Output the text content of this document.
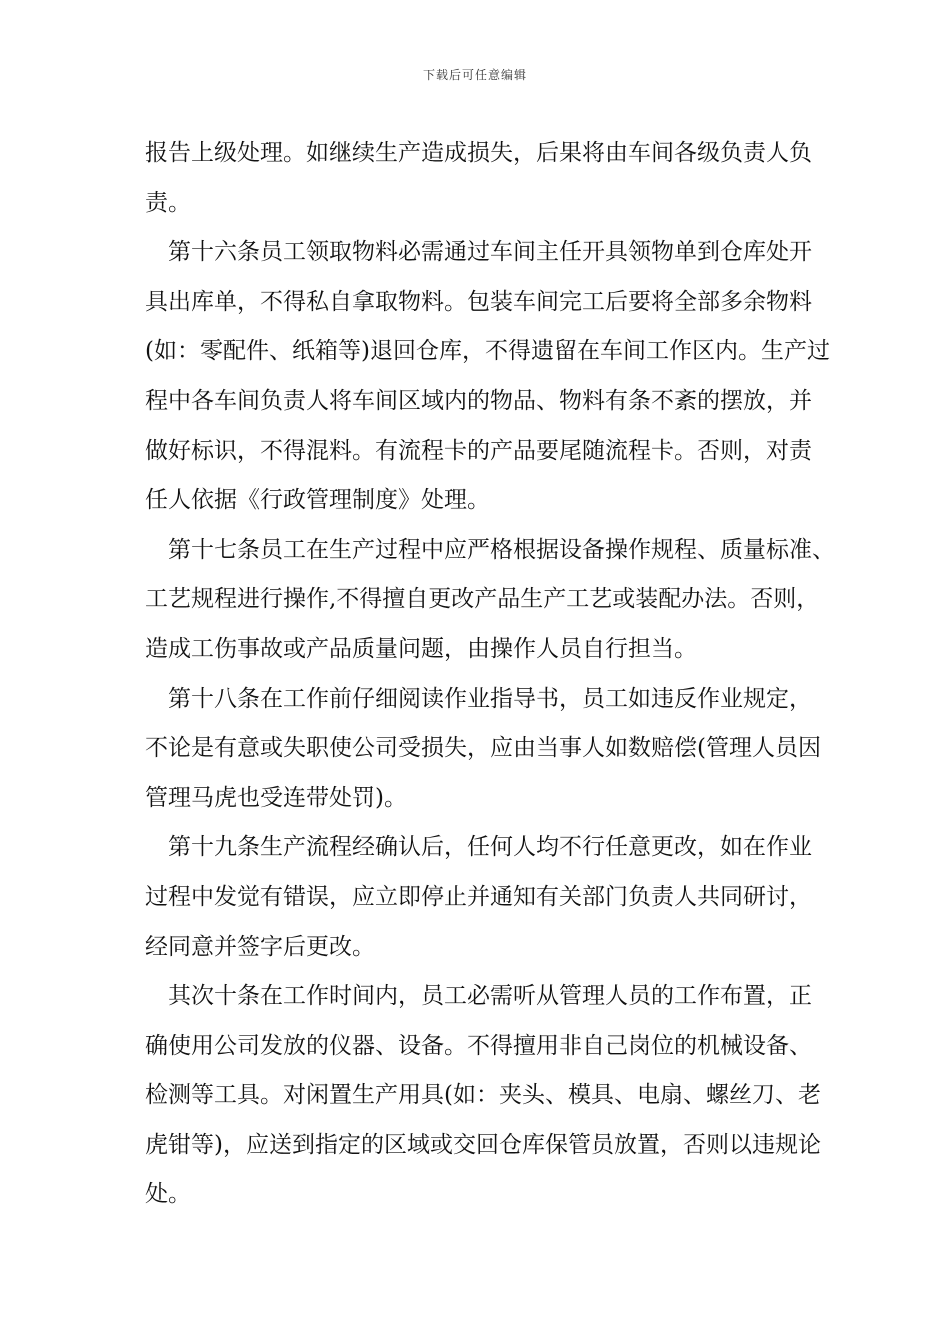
下载后可任意编辑
报告上级处理。如继续生产造成损失，后果将由车间各级负责人负
责。
第十六条员工领取物料必需通过车间主任开具领物单到仓库处开
具出库单，不得私自拿取物料。包装车间完工后要将全部多余物料
(如：零配件、纸箱等)退回仓库，不得遗留在车间工作区内。生产过
程中各车间负责人将车间区域内的物品、物料有条不紊的摆放，并
做好标识，不得混料。有流程卡的产品要尾随流程卡。否则，对责
任人依据《行政管理制度》处理。
第十七条员工在生产过程中应严格根据设备操作规程、质量标准、
工艺规程进行操作,不得擅自更改产品生产工艺或装配办法。否则，
造成工伤事故或产品质量问题，由操作人员自行担当。
第十八条在工作前仔细阅读作业指导书，员工如违反作业规定，
不论是有意或失职使公司受损失，应由当事人如数赔偿(管理人员因
管理马虎也受连带处罚)。
第十九条生产流程经确认后，任何人均不行任意更改，如在作业
过程中发觉有错误，应立即停止并通知有关部门负责人共同研讨，
经同意并签字后更改。
其次十条在工作时间内，员工必需听从管理人员的工作布置，正
确使用公司发放的仪器、设备。不得擅用非自己岗位的机械设备、
检测等工具。对闲置生产用具(如：夹头、模具、电扇、螺丝刀、老
虎钳等)，应送到指定的区域或交回仓库保管员放置，否则以违规论
处。
